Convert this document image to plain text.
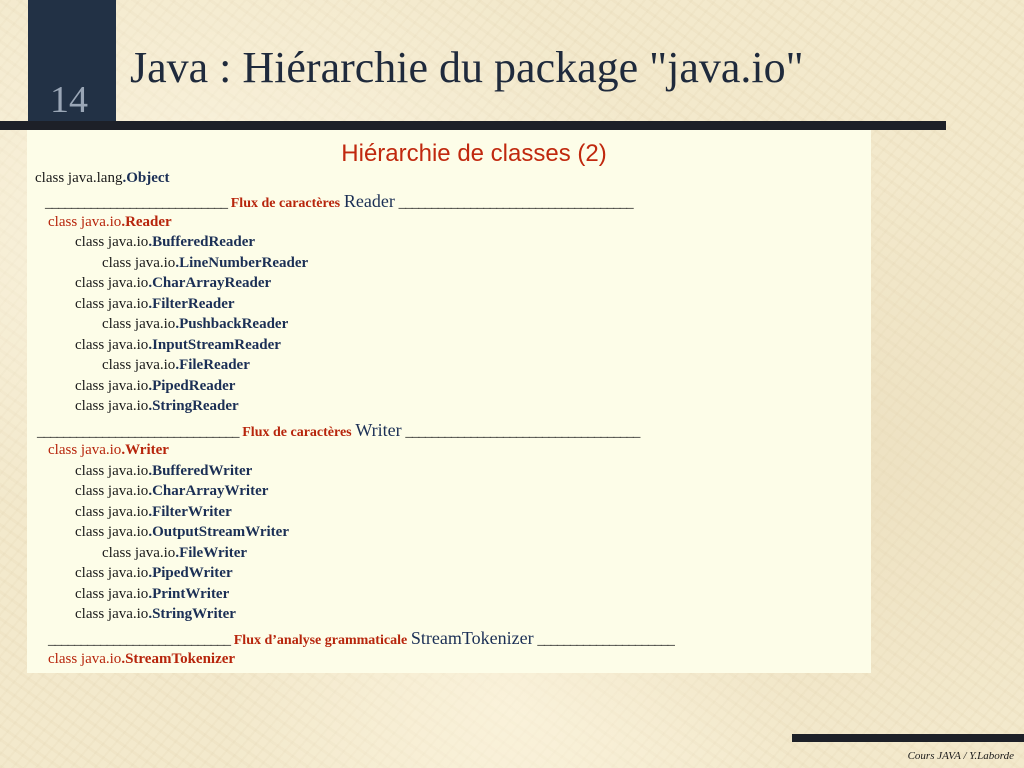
14
Java : Hiérarchie du package "java.io"
Hiérarchie de classes (2)
class java.lang.Object
____________________________ Flux de caractères Reader ____________________________________
class java.io.Reader
class java.io.BufferedReader
class java.io.LineNumberReader
class java.io.CharArrayReader
class java.io.FilterReader
class java.io.PushbackReader
class java.io.InputStreamReader
class java.io.FileReader
class java.io.PipedReader
class java.io.StringReader
_______________________________ Flux de caractères Writer ____________________________________
class java.io.Writer
class java.io.BufferedWriter
class java.io.CharArrayWriter
class java.io.FilterWriter
class java.io.OutputStreamWriter
class java.io.FileWriter
class java.io.PipedWriter
class java.io.PrintWriter
class java.io.StringWriter
____________________________ Flux d’analyse grammaticale StreamTokenizer _____________________
class java.io.StreamTokenizer
Cours JAVA / Y.Laborde
